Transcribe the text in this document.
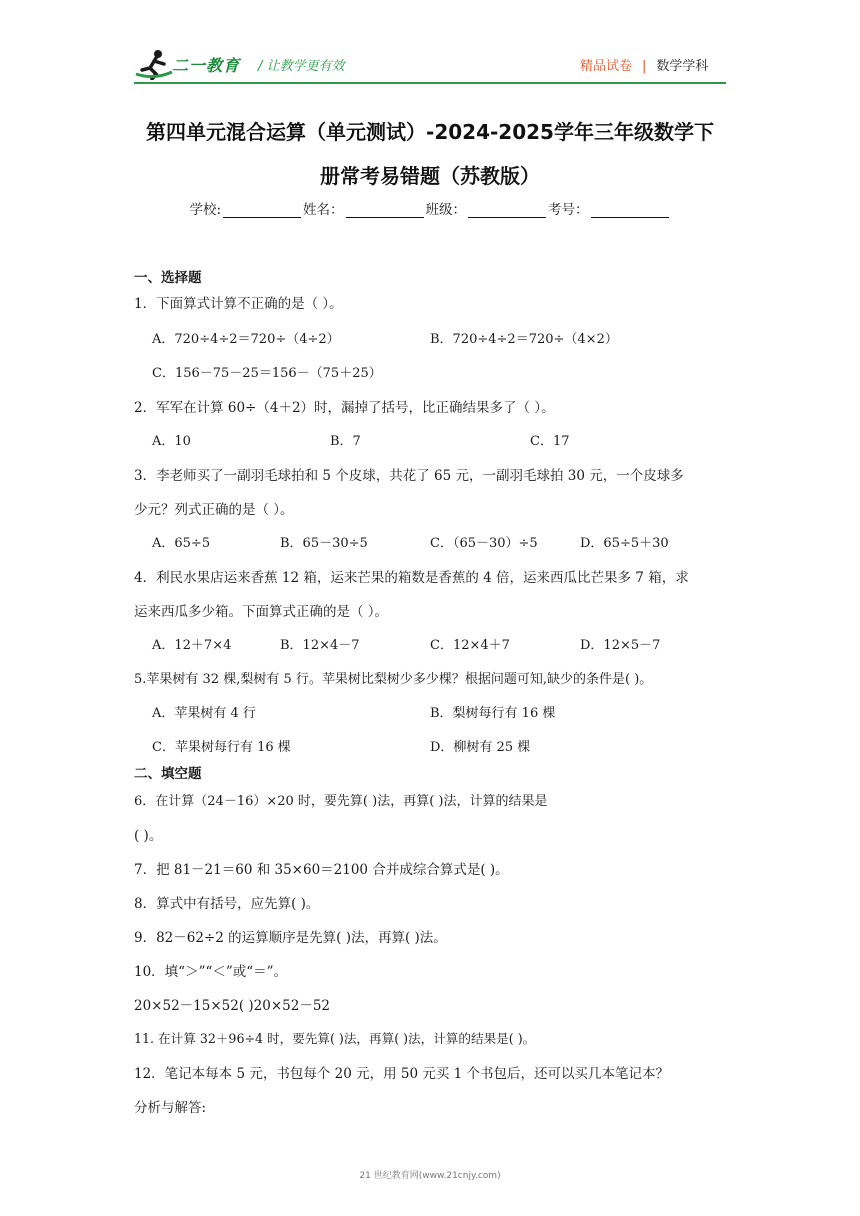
二一教育 / 让教学更有效	精品试卷 | 数学学科
第四单元混合运算（单元测试）-2024-2025学年三年级数学下
册常考易错题（苏教版）
学校:	姓名：	班级：	考号：
一、选择题
1．下面算式计算不正确的是（ ）。
A．720÷4÷2＝720÷（4÷2）	B．720÷4÷2＝720÷（4×2）
C．156－75－25＝156－（75＋25）
2．军军在计算 60÷（4＋2）时，漏掉了括号，比正确结果多了（ ）。
A．10	B．7	C．17
3．李老师买了一副羽毛球拍和 5 个皮球，共花了 65 元，一副羽毛球拍 30 元，一个皮球多
少元？列式正确的是（ ）。
A．65÷5	B．65－30÷5	C．（65－30）÷5	D．65÷5＋30
4．利民水果店运来香蕉 12 箱，运来芒果的箱数是香蕉的 4 倍，运来西瓜比芒果多 7 箱，求
运来西瓜多少箱。下面算式正确的是（ ）。
A．12＋7×4	B．12×4－7	C．12×4＋7	D．12×5－7
5.苹果树有 32 棵,梨树有 5 行。苹果树比梨树少多少棵？根据问题可知,缺少的条件是( )。
A．苹果树有 4 行	B．梨树每行有 16 棵
C．苹果树每行有 16 棵	D．柳树有 25 棵
二、填空题
6．在计算（24－16）×20 时，要先算( )法，再算( )法，计算的结果是
( )。
7．把 81－21＝60 和 35×60＝2100 合并成综合算式是( )。
8．算式中有括号，应先算( )。
9．82－62÷2 的运算顺序是先算( )法，再算( )法。
10．填“＞”“＜”或“＝”。
20×52－15×52( )20×52－52
11. 在计算 32＋96÷4 时，要先算( )法，再算( )法，计算的结果是( )。
12．笔记本每本 5 元，书包每个 20 元，用 50 元买 1 个书包后，还可以买几本笔记本？
分析与解答:
21 世纪教育网(www.21cnjy.com)
